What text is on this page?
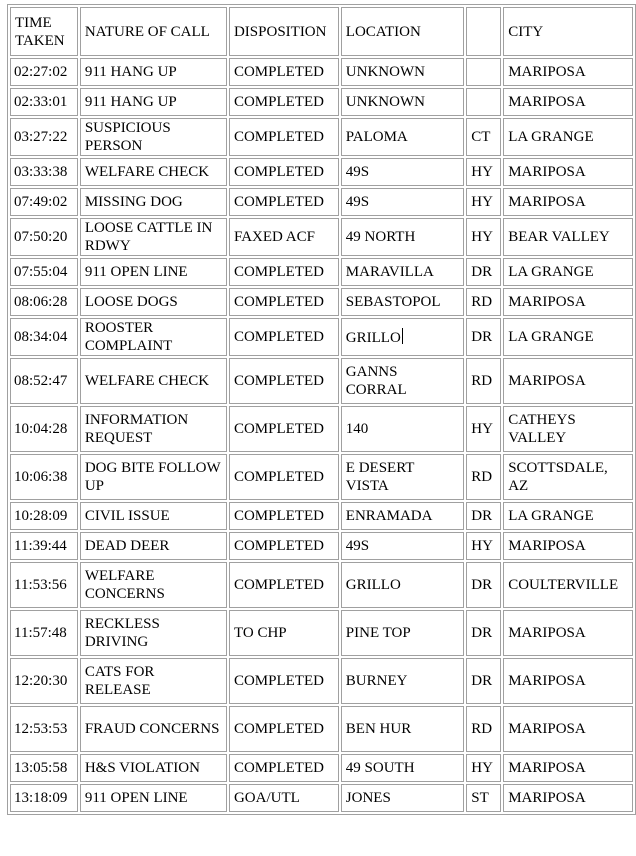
TIME TAKEN	NATURE OF CALL	DISPOSITION	LOCATION		CITY
02:27:02	911 HANG UP	COMPLETED	UNKNOWN		MARIPOSA
02:33:01	911 HANG UP	COMPLETED	UNKNOWN		MARIPOSA
03:27:22	SUSPICIOUS PERSON	COMPLETED	PALOMA	CT	LA GRANGE
03:33:38	WELFARE CHECK	COMPLETED	49S	HY	MARIPOSA
07:49:02	MISSING DOG	COMPLETED	49S	HY	MARIPOSA
07:50:20	LOOSE CATTLE IN RDWY	FAXED ACF	49 NORTH	HY	BEAR VALLEY
07:55:04	911 OPEN LINE	COMPLETED	MARAVILLA	DR	LA GRANGE
08:06:28	LOOSE DOGS	COMPLETED	SEBASTOPOL	RD	MARIPOSA
08:34:04	ROOSTER COMPLAINT	COMPLETED	GRILLO	DR	LA GRANGE
08:52:47	WELFARE CHECK	COMPLETED	GANNS CORRAL	RD	MARIPOSA
10:04:28	INFORMATION REQUEST	COMPLETED	140	HY	CATHEYS VALLEY
10:06:38	DOG BITE FOLLOW UP	COMPLETED	E DESERT VISTA	RD	SCOTTSDALE, AZ
10:28:09	CIVIL ISSUE	COMPLETED	ENRAMADA	DR	LA GRANGE
11:39:44	DEAD DEER	COMPLETED	49S	HY	MARIPOSA
11:53:56	WELFARE CONCERNS	COMPLETED	GRILLO	DR	COULTERVILLE
11:57:48	RECKLESS DRIVING	TO CHP	PINE TOP	DR	MARIPOSA
12:20:30	CATS FOR RELEASE	COMPLETED	BURNEY	DR	MARIPOSA
12:53:53	FRAUD CONCERNS	COMPLETED	BEN HUR	RD	MARIPOSA
13:05:58	H&S VIOLATION	COMPLETED	49 SOUTH	HY	MARIPOSA
13:18:09	911 OPEN LINE	GOA/UTL	JONES	ST	MARIPOSA
